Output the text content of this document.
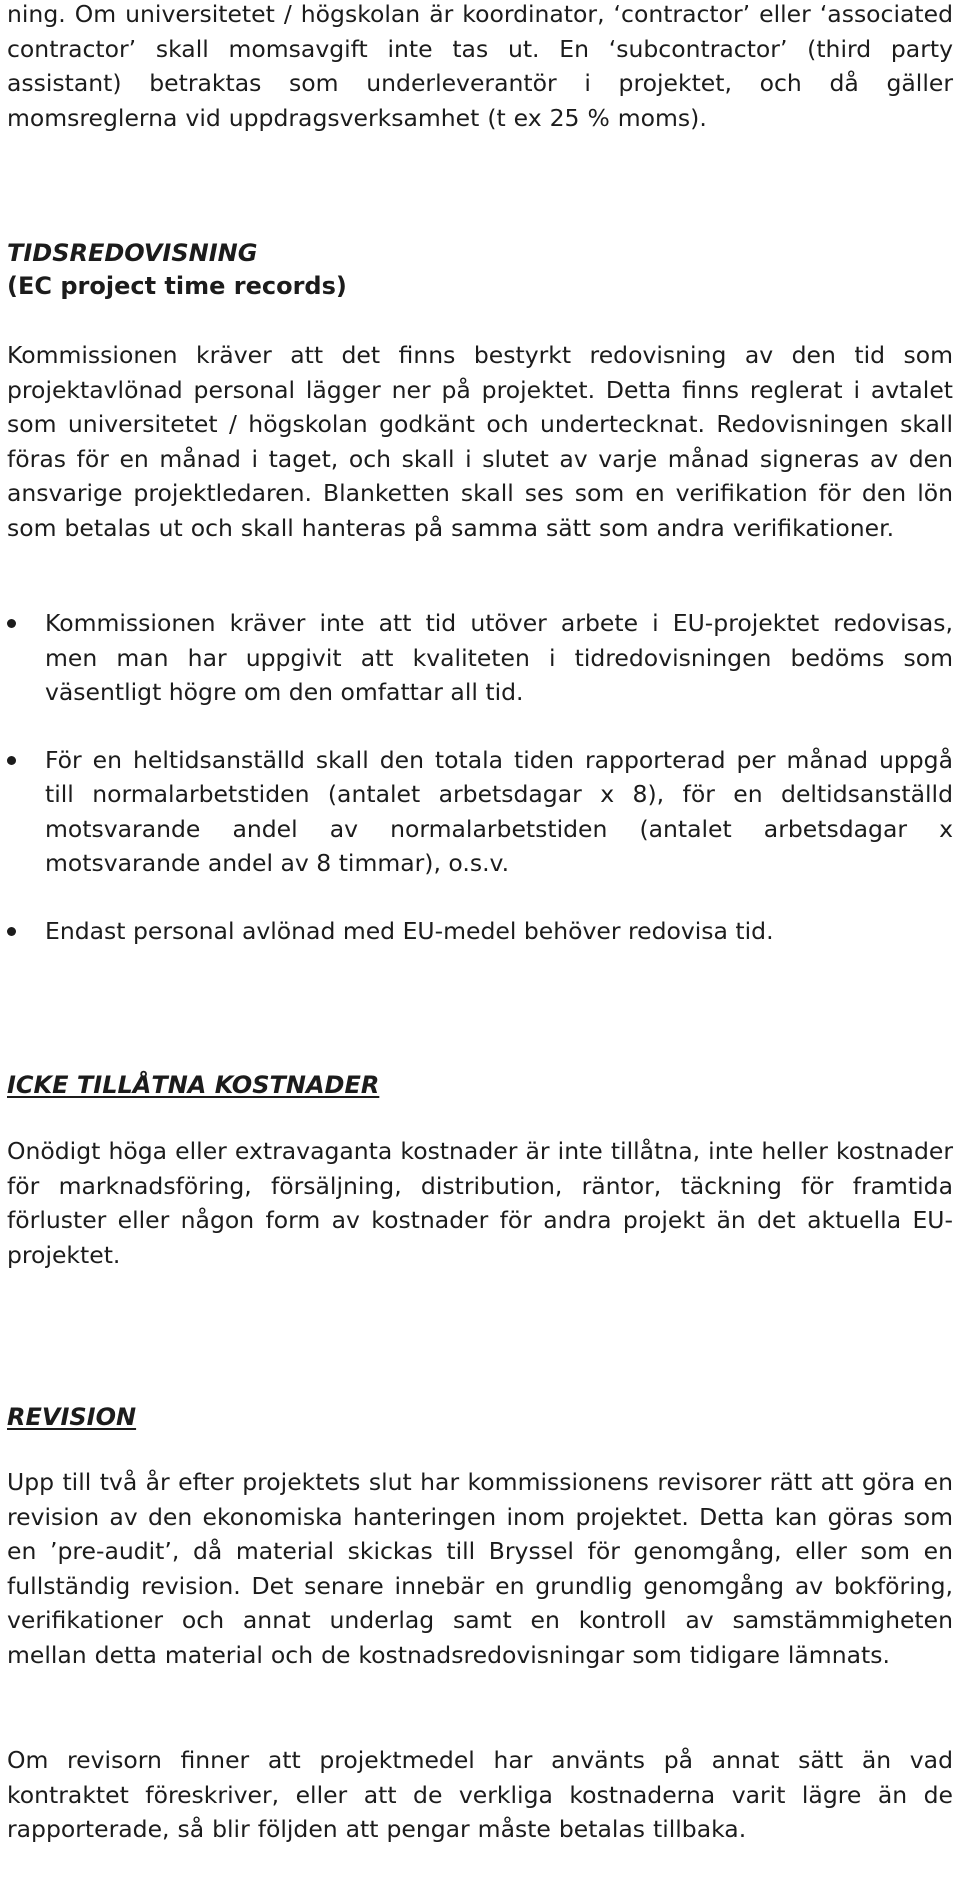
ning. Om universitetet / högskolan är koordinator, ‘contractor’ eller ‘associated contractor’ skall momsavgift inte tas ut. En ‘subcontractor’ (third party assistant) betraktas som underleverantör i projektet, och då gäller momsreglerna vid uppdragsverksamhet (t ex 25 % moms).

TIDSREDOVISNING
(EC project time records)

Kommissionen kräver att det finns bestyrkt redovisning av den tid som projektavlönad personal lägger ner på projektet. Detta finns reglerat i avtalet som universitetet / högskolan godkänt och undertecknat. Redovisningen skall föras för en månad i taget, och skall i slutet av varje månad signeras av den ansvarige projektledaren. Blanketten skall ses som en verifikation för den lön som betalas ut och skall hanteras på samma sätt som andra verifikationer.

Kommissionen kräver inte att tid utöver arbete i EU-projektet redovisas, men man har uppgivit att kvaliteten i tidredovisningen bedöms som väsentligt högre om den omfattar all tid.
För en heltidsanställd skall den totala tiden rapporterad per månad uppgå till normalarbetstiden (antalet arbetsdagar x 8), för en deltidsanställd motsvarande andel av normalarbetstiden (antalet arbetsdagar x motsvarande andel av 8 timmar), o.s.v.
Endast personal avlönad med EU-medel behöver redovisa tid.
ICKE TILLÅTNA KOSTNADER

Onödigt höga eller extravaganta kostnader är inte tillåtna, inte heller kostnader för marknadsföring, försäljning, distribution, räntor, täckning för framtida förluster eller någon form av kostnader för andra projekt än det aktuella EU-projektet.

REVISION

Upp till två år efter projektets slut har kommissionens revisorer rätt att göra en revision av den ekonomiska hanteringen inom projektet. Detta kan göras som en ’pre-audit’, då material skickas till Bryssel för genomgång, eller som en fullständig revision. Det senare innebär en grundlig genomgång av bokföring, verifikationer och annat underlag samt en kontroll av samstämmigheten mellan detta material och de kostnadsredovisningar som tidigare lämnats.

Om revisorn finner att projektmedel har använts på annat sätt än vad kontraktet föreskriver, eller att de verkliga kostnaderna varit lägre än de rapporterade, så blir följden att pengar måste betalas tillbaka.
